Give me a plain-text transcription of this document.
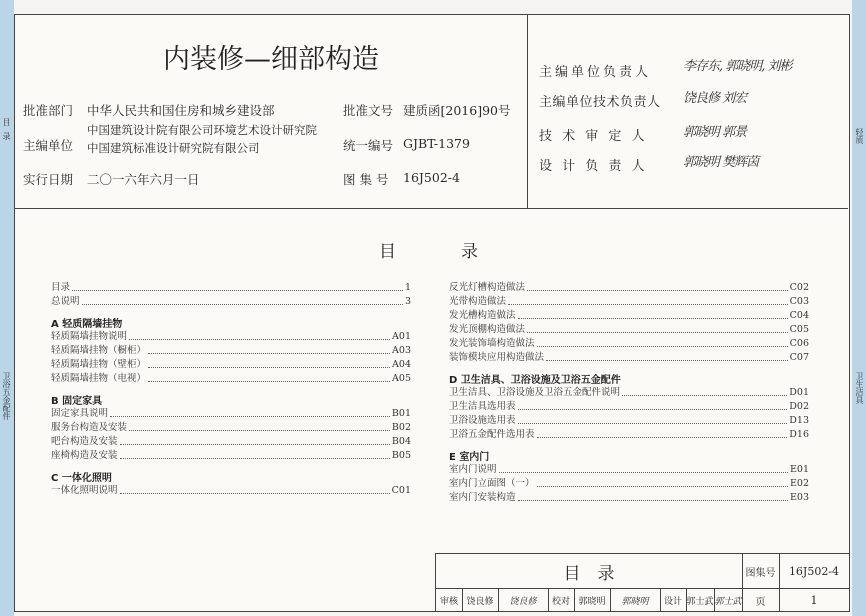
目
录
卫浴五金配件
轻质
卫生洁具
内装修—细部构造
批准部门 中华人民共和国住房和城乡建设部	批准文号 建质函[2016]90号
主编单位
中国建筑设计院有限公司环境艺术设计研究院
中国建筑标准设计研究院有限公司	统一编号 GJBT-1379
实行日期 二〇一六年六月一日	图 集 号 16J502-4
主编单位负责人 李存东, 郭晓明, 刘彬
主编单位技术负责人 饶良修 刘宏
技 术 审 定 人	郭晓明 郭景
设 计 负 责 人	郭晓明 樊辉茵
目	录
目录	1
总说明	3
A 轻质隔墙挂物
轻质隔墙挂物说明	A01
轻质隔墙挂物（橱柜）	A03
轻质隔墙挂物（壁柜）	A04
轻质隔墙挂物（电视）	A05
B 固定家具
固定家具说明	B01
服务台构造及安装	B02
吧台构造及安装	B04
座椅构造及安装	B05
C 一体化照明
一体化照明说明	C01
反光灯槽构造做法	C02
光带构造做法	C03
发光槽构造做法	C04
发光顶棚构造做法	C05
发光装饰墙构造做法	C06
装饰模块应用构造做法	C07
D 卫生洁具、卫浴设施及卫浴五金配件
卫生洁具、卫浴设施及卫浴五金配件说明	D01
卫生洁具选用表	D02
卫浴设施选用表	D13
卫浴五金配件选用表	D16
E 室内门
室内门说明	E01
室内门立面图（一）	E02
室内门安装构造	E03
目　录	图集号	16J502-4
页	1
审核 饶良修	饶良修	校对 郭晓明	郭晓明	设计 郭士武 郭士武
